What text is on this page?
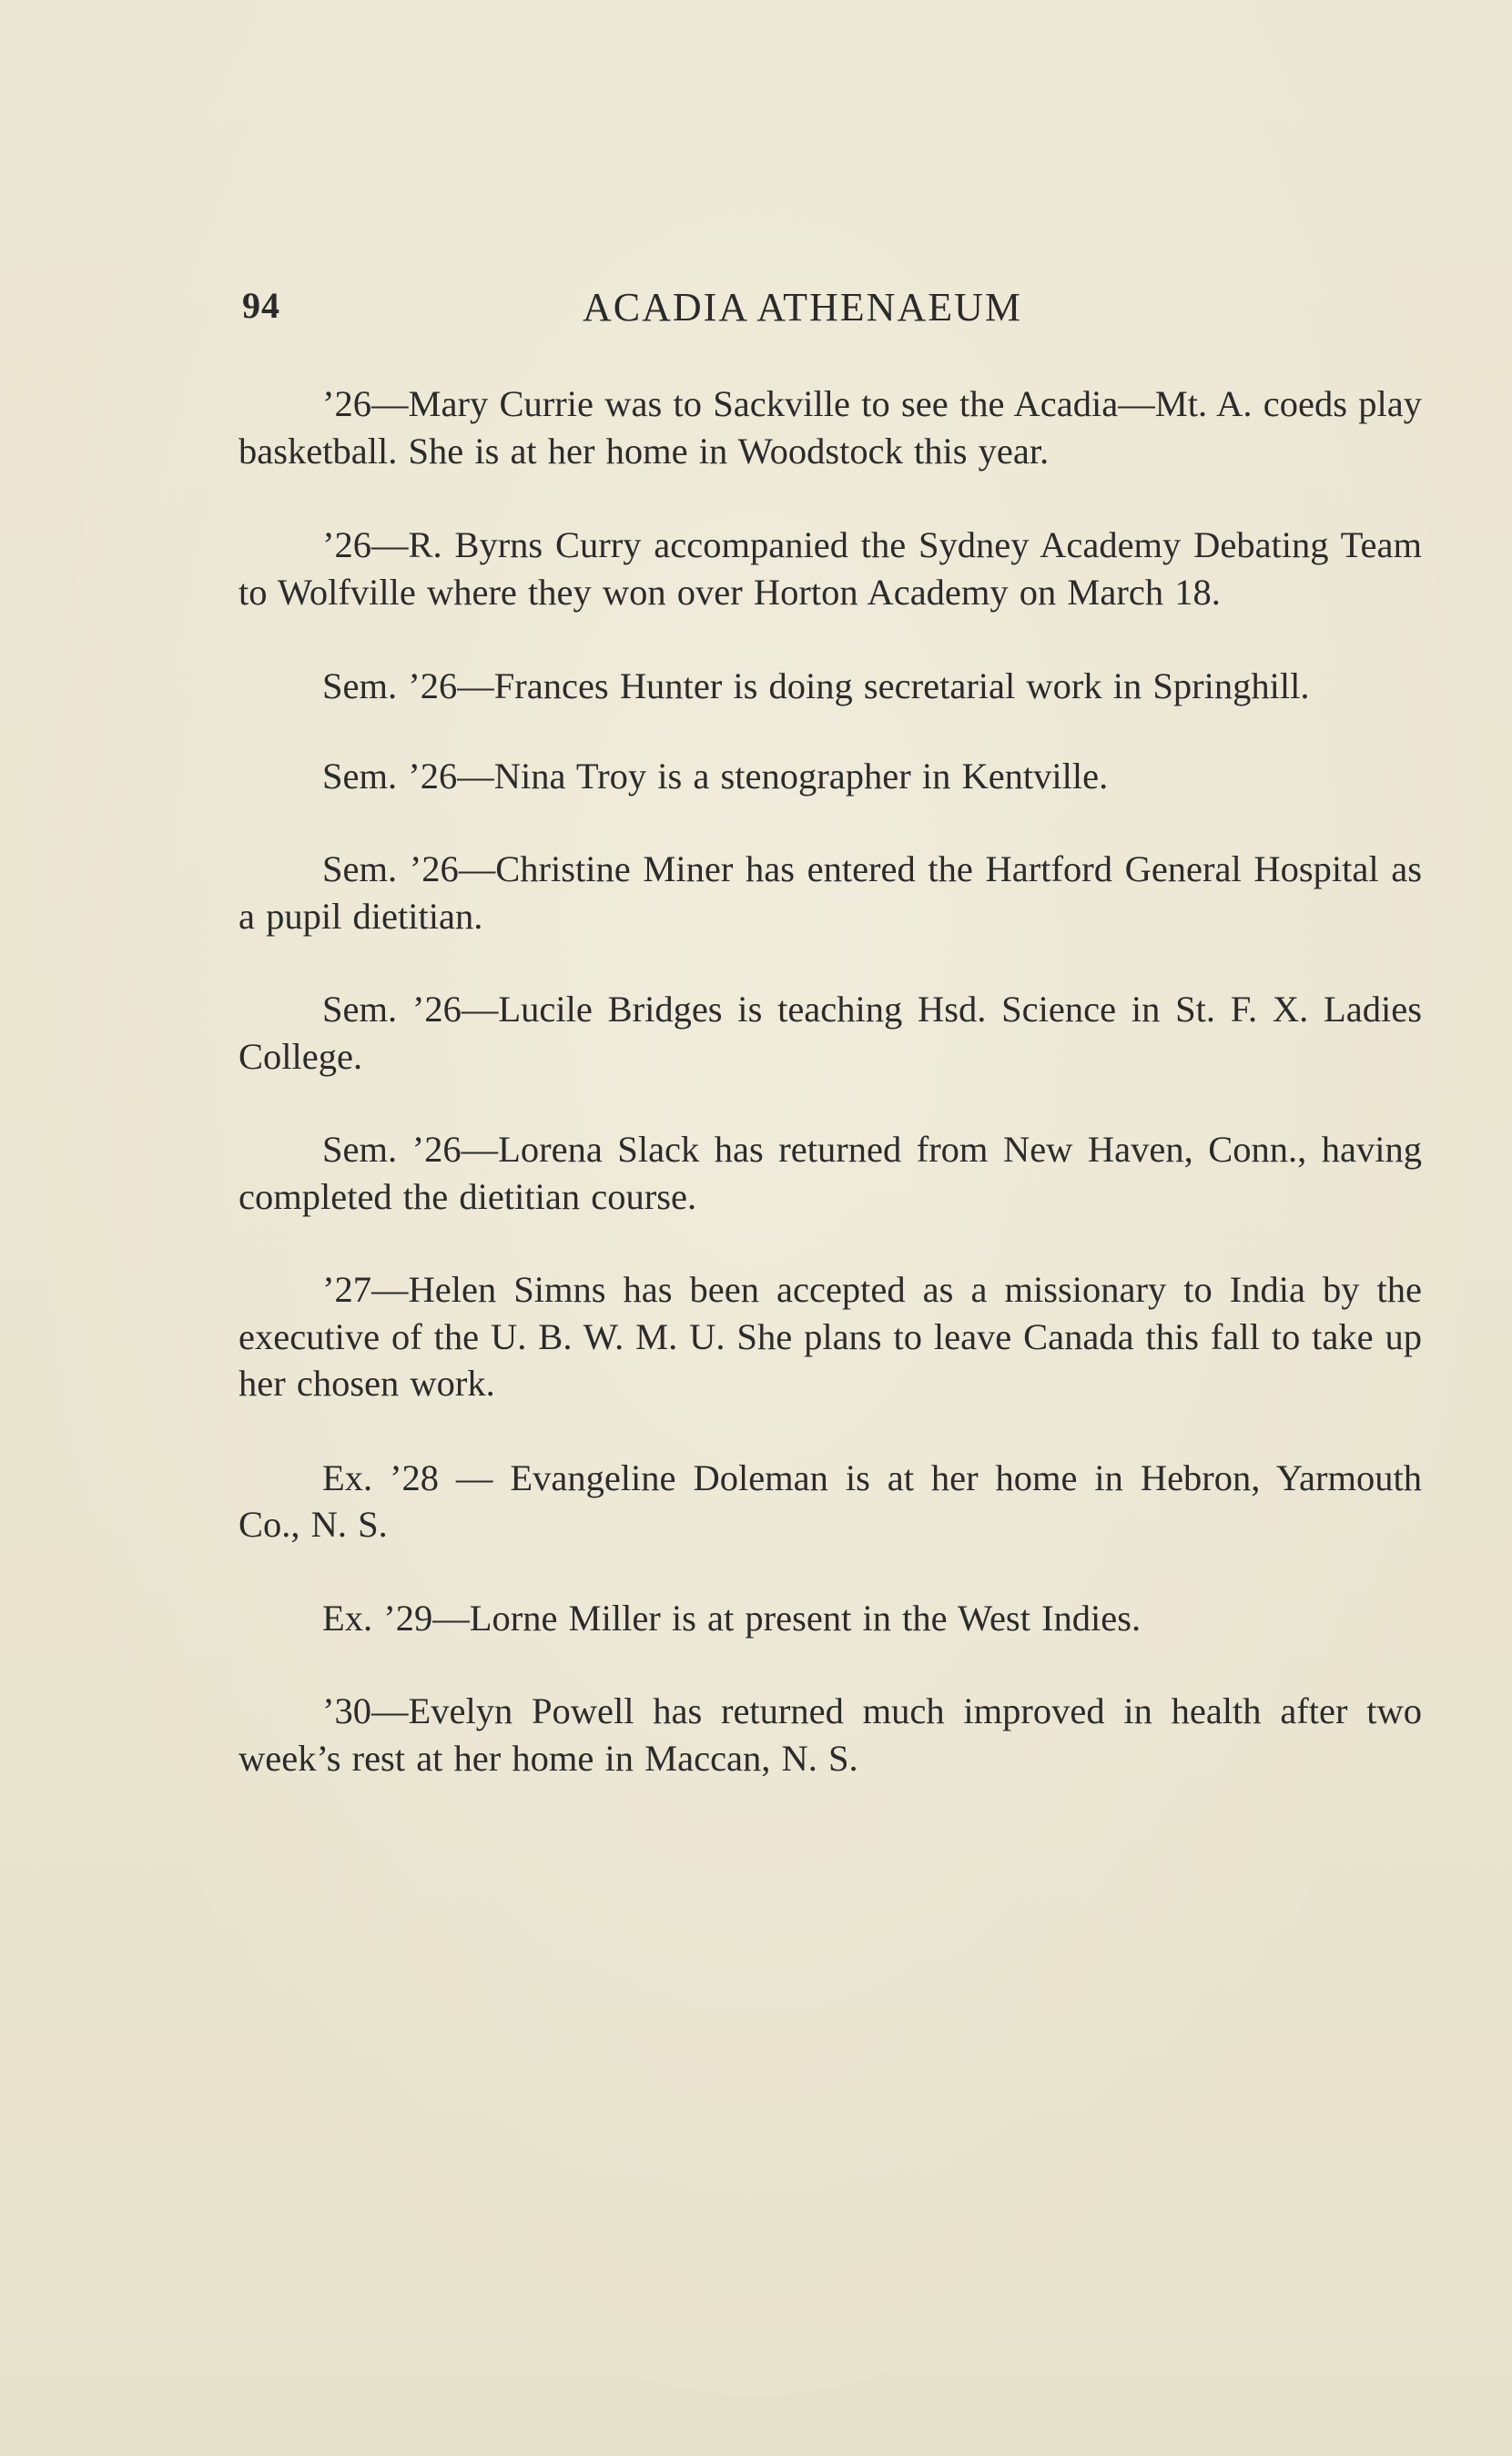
94	ACADIA ATHENAEUM

’26—Mary Currie was to Sackville to see the Acadia—Mt. A. coeds play basketball. She is at her home in Woodstock this year.

’26—R. Byrns Curry accompanied the Sydney Academy Debating Team to Wolfville where they won over Horton Academy on March 18.

Sem. ’26—Frances Hunter is doing secretarial work in Springhill.

Sem. ’26—Nina Troy is a stenographer in Kentville.

Sem. ’26—Christine Miner has entered the Hartford General Hospital as a pupil dietitian.

Sem. ’26—Lucile Bridges is teaching Hsd. Science in St. F. X. Ladies College.

Sem. ’26—Lorena Slack has returned from New Haven, Conn., having completed the dietitian course.

’27—Helen Simns has been accepted as a missionary to India by the executive of the U. B. W. M. U. She plans to leave Canada this fall to take up her chosen work.

Ex. ’28 — Evangeline Doleman is at her home in Hebron, Yarmouth Co., N. S.

Ex. ’29—Lorne Miller is at present in the West Indies.

’30—Evelyn Powell has returned much improved in health after two week’s rest at her home in Maccan, N. S.
